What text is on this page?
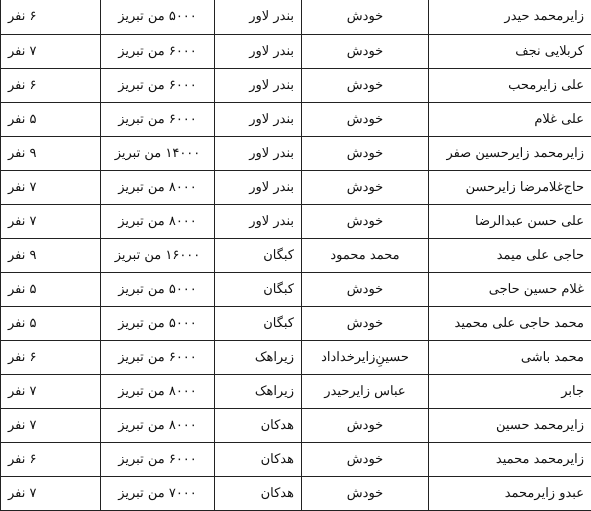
زایرمحمد حیدر	خودش	بندر لاور	۵۰۰۰ من تبریز	۶ نفر
کربلایی نجف	خودش	بندر لاور	۶۰۰۰ من تبریز	۷ نفر
علی زایرمحب	خودش	بندر لاور	۶۰۰۰ من تبریز	۶ نفر
علی غلام	خودش	بندر لاور	۶۰۰۰ من تبریز	۵ نفر
زایرمحمد زایرحسین صفر	خودش	بندر لاور	۱۴۰۰۰ من تبریز	۹ نفر
حاج‌غلامرضا زایرحسن	خودش	بندر لاور	۸۰۰۰ من تبریز	۷ نفر
علی حسن عبدالرضا	خودش	بندر لاور	۸۰۰۰ من تبریز	۷ نفر
حاجی علی میمد	محمد محمود	کبگان	۱۶۰۰۰ من تبریز	۹ نفر
غلام حسین حاجی	خودش	کبگان	۵۰۰۰ من تبریز	۵ نفر
محمد حاجی علی محمید	خودش	کبگان	۵۰۰۰ من تبریز	۵ نفر
محمد باشی	حسینِ‌زایرخداداد	زیراهک	۶۰۰۰ من تبریز	۶ نفر
جابر	عباس زایرحیدر	زیراهک	۸۰۰۰ من تبریز	۷ نفر
زایرمحمد حسین	خودش	هدکان	۸۰۰۰ من تبریز	۷ نفر
زایرمحمد محمید	خودش	هدکان	۶۰۰۰ من تبریز	۶ نفر
عبدو زایرمحمد	خودش	هدکان	۷۰۰۰ من تبریز	۷ نفر
